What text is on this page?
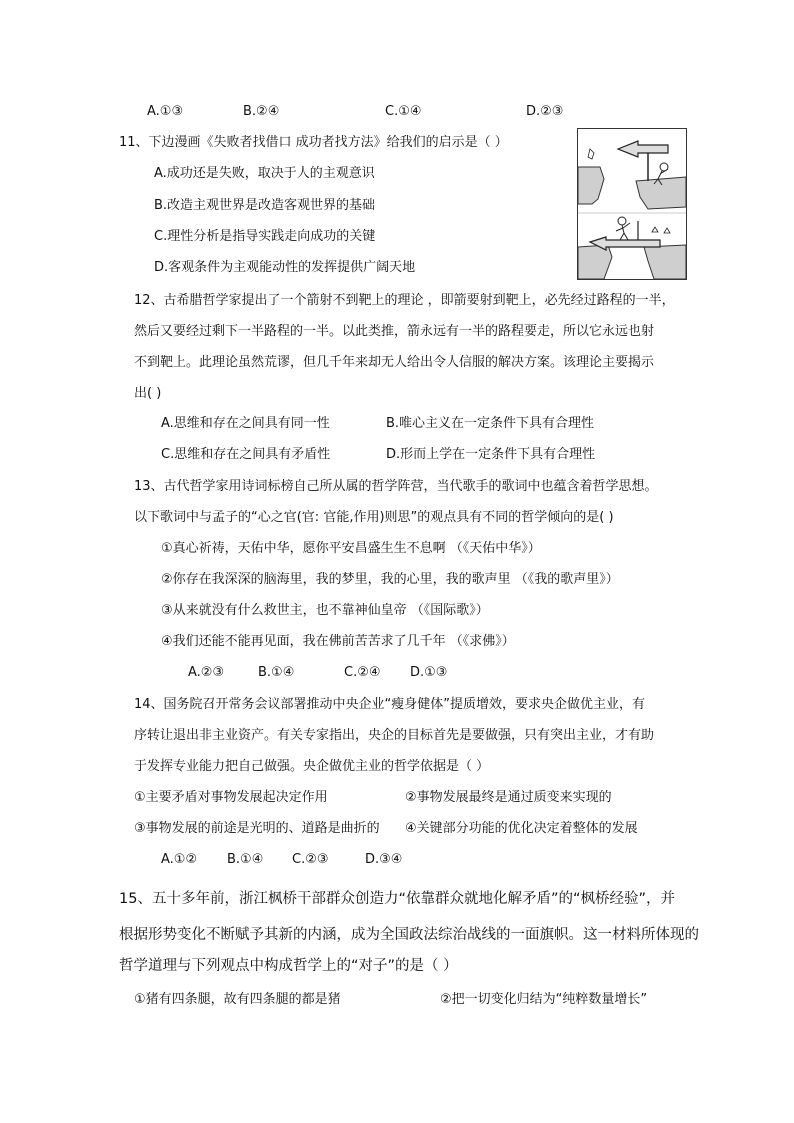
A.①③	B.②④	C.①④	D.②③
11、下边漫画《失败者找借口 成功者找方法》给我们的启示是（ ）
A.成功还是失败，取决于人的主观意识
B.改造主观世界是改造客观世界的基础
C.理性分析是指导实践走向成功的关键
D.客观条件为主观能动性的发挥提供广阔天地
12、古希腊哲学家提出了一个箭射不到靶上的理论 ，即箭要射到靶上，必先经过路程的一半，
然后又要经过剩下一半路程的一半。以此类推，箭永远有一半的路程要走，所以它永远也射
不到靶上。此理论虽然荒谬，但几千年来却无人给出令人信服的解决方案。该理论主要揭示
出( )
A.思维和存在之间具有同一性	B.唯心主义在一定条件下具有合理性
C.思维和存在之间具有矛盾性	D.形而上学在一定条件下具有合理性
13、古代哲学家用诗词标榜自己所从属的哲学阵营，当代歌手的歌词中也蕴含着哲学思想。
以下歌词中与孟子的“心之官(官: 官能,作用)则思”的观点具有不同的哲学倾向的是( )
①真心祈祷，天佑中华，愿你平安昌盛生生不息啊 （《天佑中华》）
②你存在我深深的脑海里，我的梦里，我的心里，我的歌声里 （《我的歌声里》）
③从来就没有什么救世主，也不靠神仙皇帝 （《国际歌》）
④我们还能不能再见面，我在佛前苦苦求了几千年 （《求佛》）
A.②③	B.①④	C.②④ D.①③
14、国务院召开常务会议部署推动中央企业“瘦身健体”提质增效，要求央企做优主业，有
序转让退出非主业资产。有关专家指出，央企的目标首先是要做强，只有突出主业，才有助
于发挥专业能力把自己做强。央企做优主业的哲学依据是（ ）
①主要矛盾对事物发展起决定作用	②事物发展最终是通过质变来实现的
③事物发展的前途是光明的、道路是曲折的 ④关键部分功能的优化决定着整体的发展
A.①② B.①④ C.②③	D.③④
15、五十多年前，浙江枫桥干部群众创造力“依靠群众就地化解矛盾”的“枫桥经验”，并
根据形势变化不断赋予其新的内涵，成为全国政法综治战线的一面旗帜。这一材料所体现的
哲学道理与下列观点中构成哲学上的“对子”的是（ ）
①猪有四条腿，故有四条腿的都是猪	②把一切变化归结为“纯粹数量增长”
